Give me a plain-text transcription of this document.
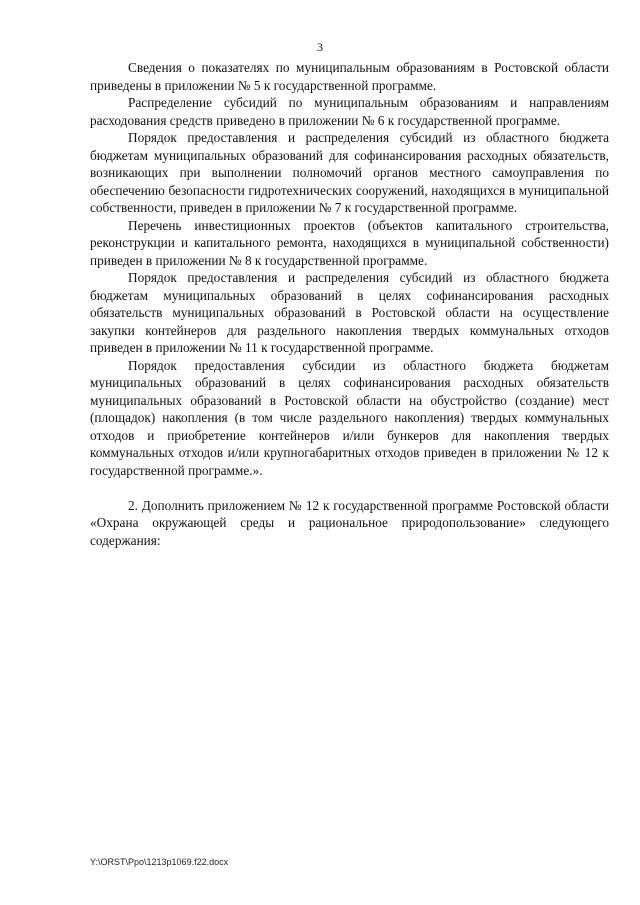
3

Сведения о показателях по муниципальным образованиям в Ростовской области приведены в приложении № 5 к государственной программе.

Распределение субсидий по муниципальным образованиям и направлениям расходования средств приведено в приложении № 6 к государственной программе.

Порядок предоставления и распределения субсидий из областного бюджета бюджетам муниципальных образований для софинансирования расходных обязательств, возникающих при выполнении полномочий органов местного самоуправления по обеспечению безопасности гидротехнических сооружений, находящихся в муниципальной собственности, приведен в приложении № 7 к государственной программе.

Перечень инвестиционных проектов (объектов капитального строительства, реконструкции и капитального ремонта, находящихся в муниципальной собственности) приведен в приложении № 8 к государственной программе.

Порядок предоставления и распределения субсидий из областного бюджета бюджетам муниципальных образований в целях софинансирования расходных обязательств муниципальных образований в Ростовской области на осуществление закупки контейнеров для раздельного накопления твердых коммунальных отходов приведен в приложении № 11 к государственной программе.

Порядок предоставления субсидии из областного бюджета бюджетам муниципальных образований в целях софинансирования расходных обязательств муниципальных образований в Ростовской области на обустройство (создание) мест (площадок) накопления (в том числе раздельного накопления) твердых коммунальных отходов и приобретение контейнеров и/или бункеров для накопления твердых коммунальных отходов и/или крупногабаритных отходов приведен в приложении № 12 к государственной программе.».

2. Дополнить приложением № 12 к государственной программе Ростовской области «Охрана окружающей среды и рациональное природопользование» следующего содержания:

Y:\ORST\Ppo\1213p1069.f22.docx
